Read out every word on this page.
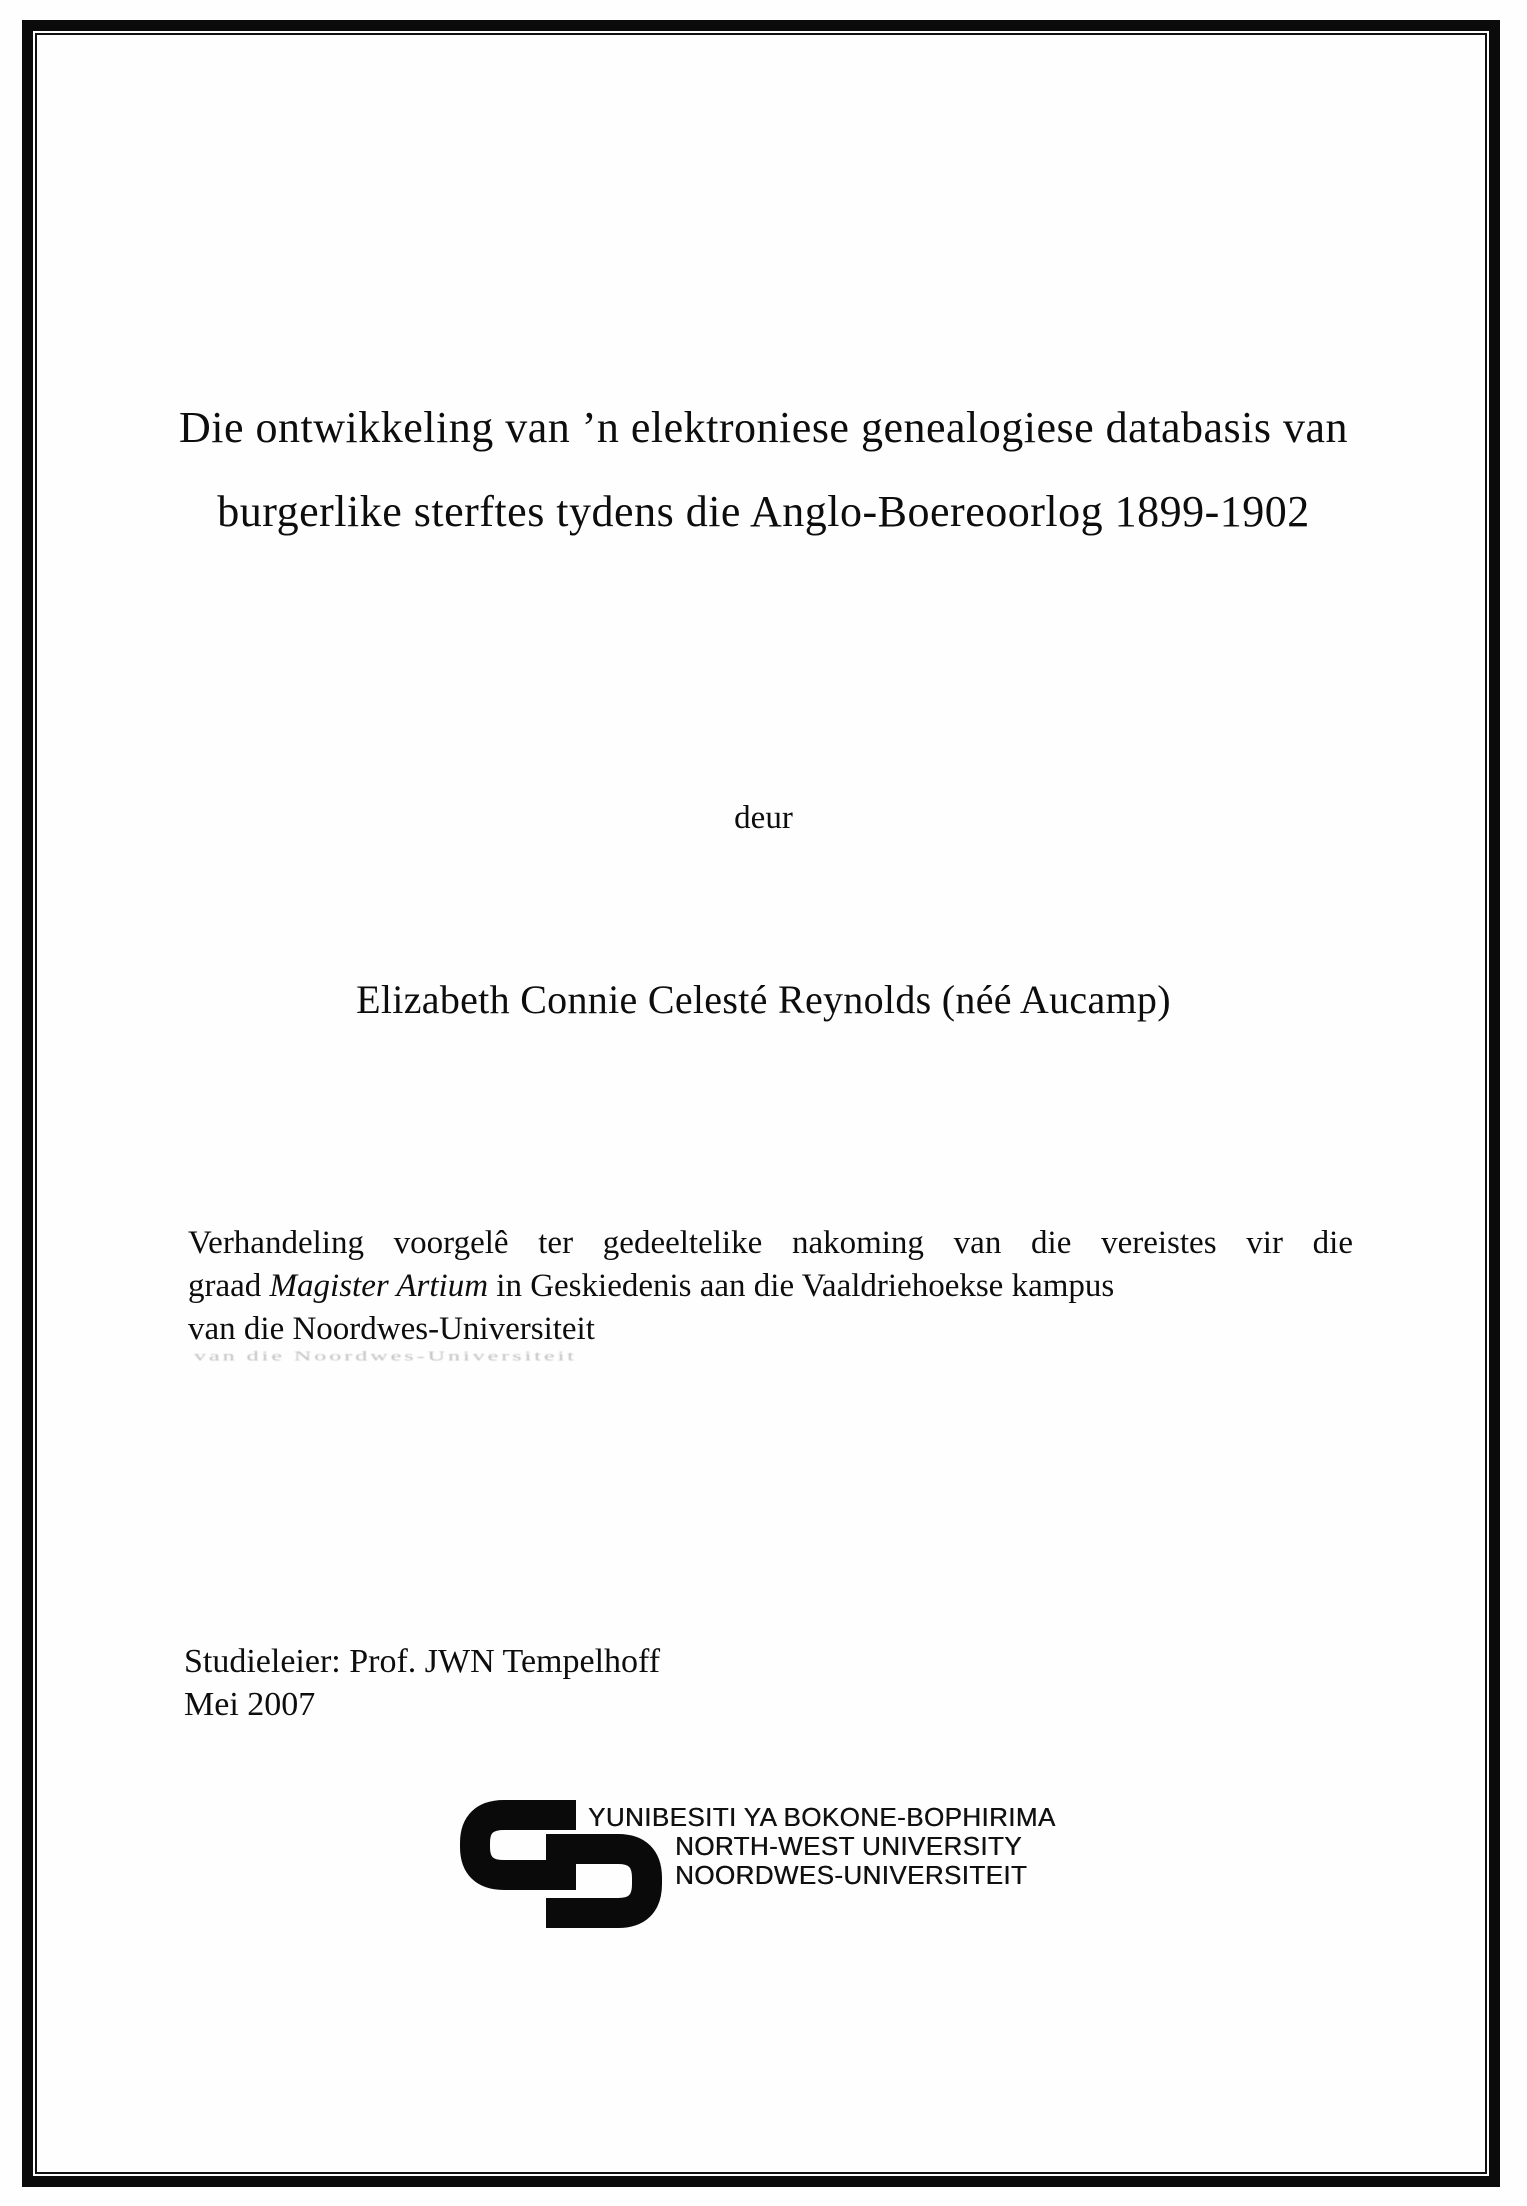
Die ontwikkeling van ’n elektroniese genealogiese databasis van
burgerlike sterftes tydens die Anglo-Boereoorlog 1899-1902
deur
Elizabeth Connie Celesté Reynolds (néé Aucamp)
Verhandeling voorgelê ter gedeeltelike nakoming van die vereistes vir die
graad Magister Artium in Geskiedenis aan die Vaaldriehoekse kampus
van die Noordwes-Universiteit
van die Noordwes-Universiteit
Studieleier: Prof. JWN Tempelhoff
Mei 2007
YUNIBESITI YA BOKONE-BOPHIRIMA
NORTH-WEST UNIVERSITY
NOORDWES-UNIVERSITEIT
